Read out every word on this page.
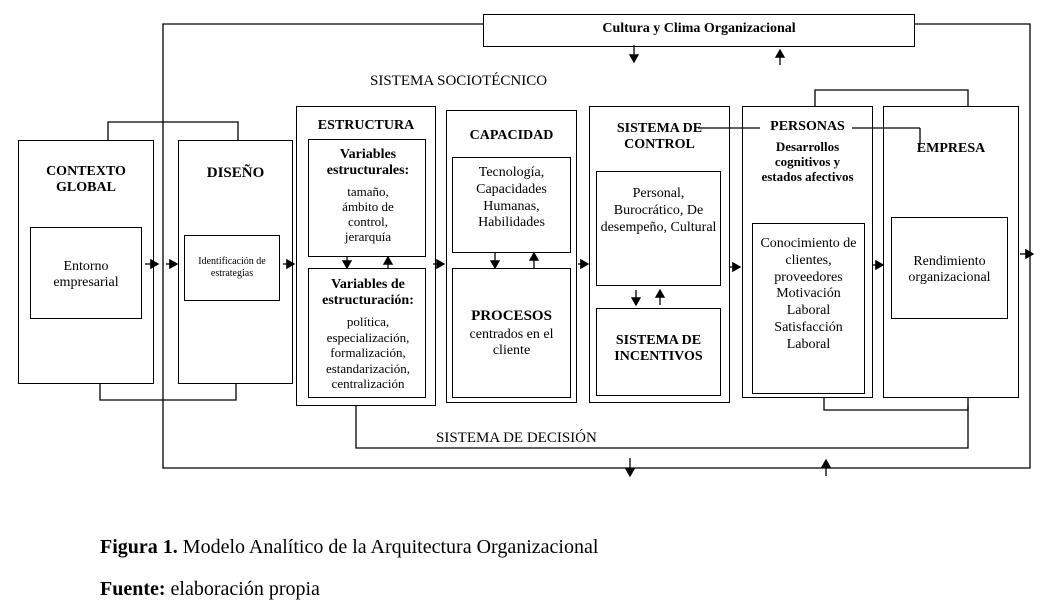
Cultura y Clima Organizacional
SISTEMA SOCIOTÉCNICO
CONTEXTO GLOBAL
Entorno empresarial
DISEÑO
Identificación de estrategias
ESTRUCTURA
Variables estructurales:
tamaño, ámbito de control, jerarquía
Variables de estructuración:
política, especialización, formalización, estandarización, centralización
CAPACIDAD
Tecnología, Capacidades Humanas, Habilidades
PROCESOS
centrados en el cliente
SISTEMA DE CONTROL
Personal, Burocrático, De desempeño, Cultural
SISTEMA DE INCENTIVOS
PERSONAS
Desarrollos cognitivos y estados afectivos
Conocimiento de clientes, proveedores Motivación Laboral Satisfacción Laboral
EMPRESA
Rendimiento organizacional
SISTEMA DE DECISIÓN
Figura 1. Modelo Analítico de la Arquitectura Organizacional
Fuente: elaboración propia
